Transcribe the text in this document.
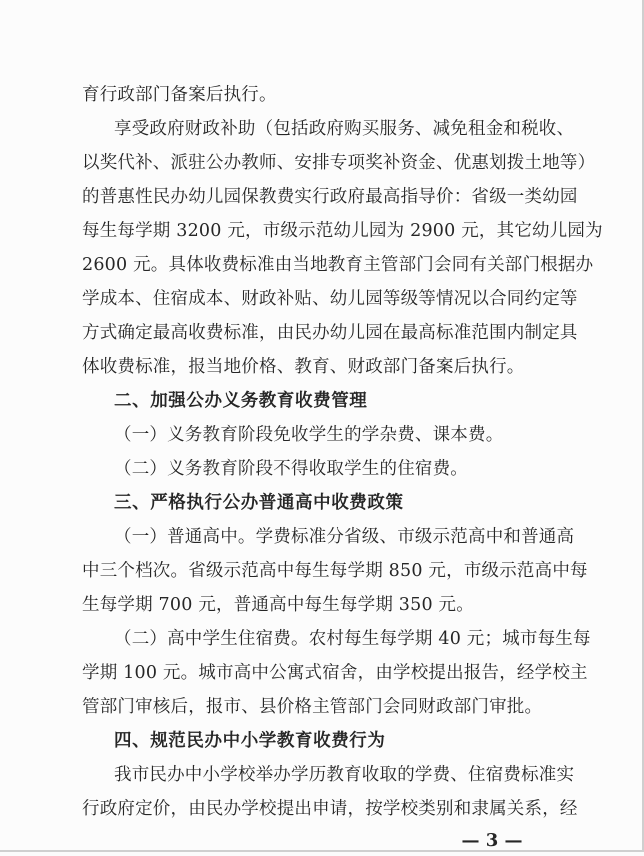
育行政部门备案后执行。
享受政府财政补助（包括政府购买服务、减免租金和税收、
以奖代补、派驻公办教师、安排专项奖补资金、优惠划拨土地等）
的普惠性民办幼儿园保教费实行政府最高指导价：省级一类幼园
每生每学期 3200 元，市级示范幼儿园为 2900 元，其它幼儿园为
2600 元。具体收费标准由当地教育主管部门会同有关部门根据办
学成本、住宿成本、财政补贴、幼儿园等级等情况以合同约定等
方式确定最高收费标准，由民办幼儿园在最高标准范围内制定具
体收费标准，报当地价格、教育、财政部门备案后执行。
二、加强公办义务教育收费管理
（一）义务教育阶段免收学生的学杂费、课本费。
（二）义务教育阶段不得收取学生的住宿费。
三、严格执行公办普通高中收费政策
（一）普通高中。学费标准分省级、市级示范高中和普通高
中三个档次。省级示范高中每生每学期 850 元，市级示范高中每
生每学期 700 元，普通高中每生每学期 350 元。
（二）高中学生住宿费。农村每生每学期 40 元；城市每生每
学期 100 元。城市高中公寓式宿舍，由学校提出报告，经学校主
管部门审核后，报市、县价格主管部门会同财政部门审批。
四、规范民办中小学教育收费行为
我市民办中小学校举办学历教育收取的学费、住宿费标准实
行政府定价，由民办学校提出申请，按学校类别和隶属关系，经
— 3 —
